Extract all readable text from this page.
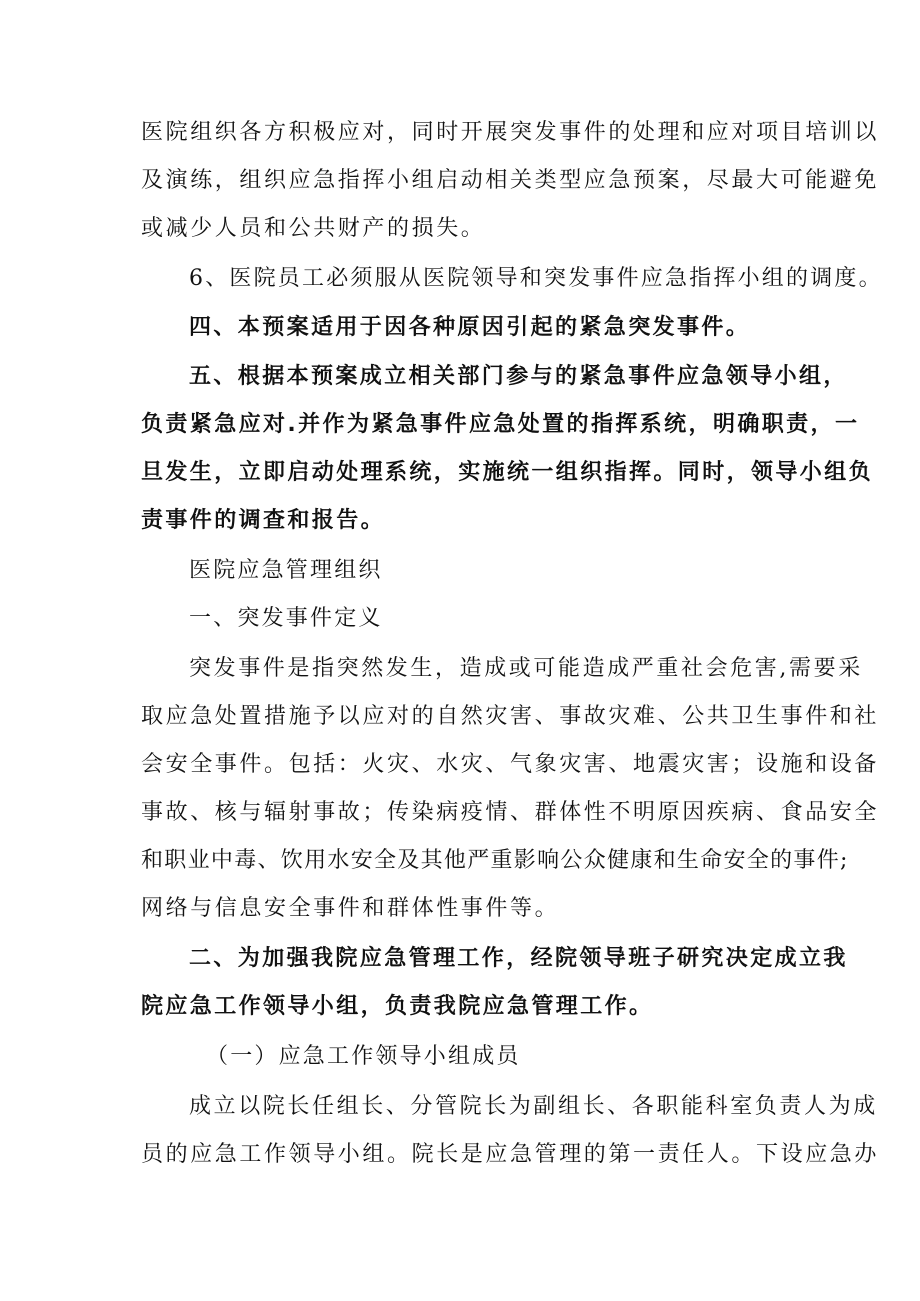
医院组织各方积极应对，同时开展突发事件的处理和应对项目培训以
及演练，组织应急指挥小组启动相关类型应急预案，尽最大可能避免
或减少人员和公共财产的损失。
6、医院员工必须服从医院领导和突发事件应急指挥小组的调度。
四、本预案适用于因各种原因引起的紧急突发事件。
五、根据本预案成立相关部门参与的紧急事件应急领导小组，
负责紧急应对.并作为紧急事件应急处置的指挥系统，明确职责，一
旦发生，立即启动处理系统，实施统一组织指挥。同时，领导小组负
责事件的调查和报告。
医院应急管理组织
一、突发事件定义
突发事件是指突然发生，造成或可能造成严重社会危害,需要采
取应急处置措施予以应对的自然灾害、事故灾难、公共卫生事件和社
会安全事件。包括：火灾、水灾、气象灾害、地震灾害；设施和设备
事故、核与辐射事故；传染病疫情、群体性不明原因疾病、食品安全
和职业中毒、饮用水安全及其他严重影响公众健康和生命安全的事件;
网络与信息安全事件和群体性事件等。
二、为加强我院应急管理工作，经院领导班子研究决定成立我
院应急工作领导小组，负责我院应急管理工作。
（一）应急工作领导小组成员
成立以院长任组长、分管院长为副组长、各职能科室负责人为成
员的应急工作领导小组。院长是应急管理的第一责任人。下设应急办
